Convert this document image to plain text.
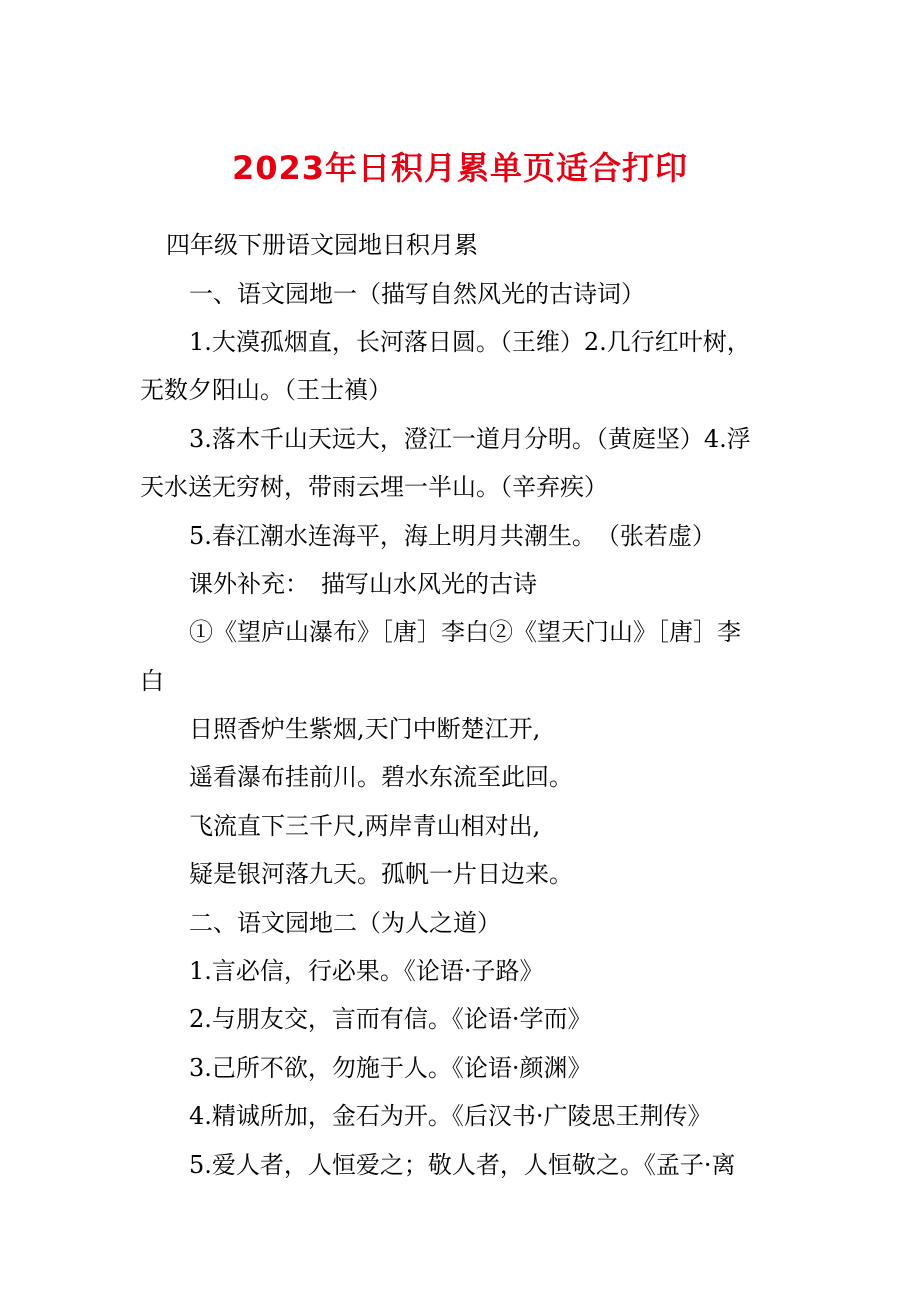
2023年日积月累单页适合打印
四年级下册语文园地日积月累
一、语文园地一（描写自然风光的古诗词）
1.大漠孤烟直，长河落日圆。（王维）2.几行红叶树，
无数夕阳山。（王士禛）
3.落木千山天远大，澄江一道月分明。（黄庭坚）4.浮
天水送无穷树，带雨云埋一半山。（辛弃疾）
5.春江潮水连海平，海上明月共潮生。　（张若虚）
课外补充：　描写山水风光的古诗
①《望庐山瀑布》［唐］李白②《望天门山》［唐］李
白
日照香炉生紫烟,天门中断楚江开,
遥看瀑布挂前川。碧水东流至此回。
飞流直下三千尺,两岸青山相对出,
疑是银河落九天。孤帆一片日边来。
二、语文园地二（为人之道）
1.言必信，行必果。《论语·子路》
2.与朋友交，言而有信。《论语·学而》
3.己所不欲，勿施于人。《论语·颜渊》
4.精诚所加，金石为开。《后汉书·广陵思王荆传》
5.爱人者，人恒爱之；敬人者，人恒敬之。《孟子·离
